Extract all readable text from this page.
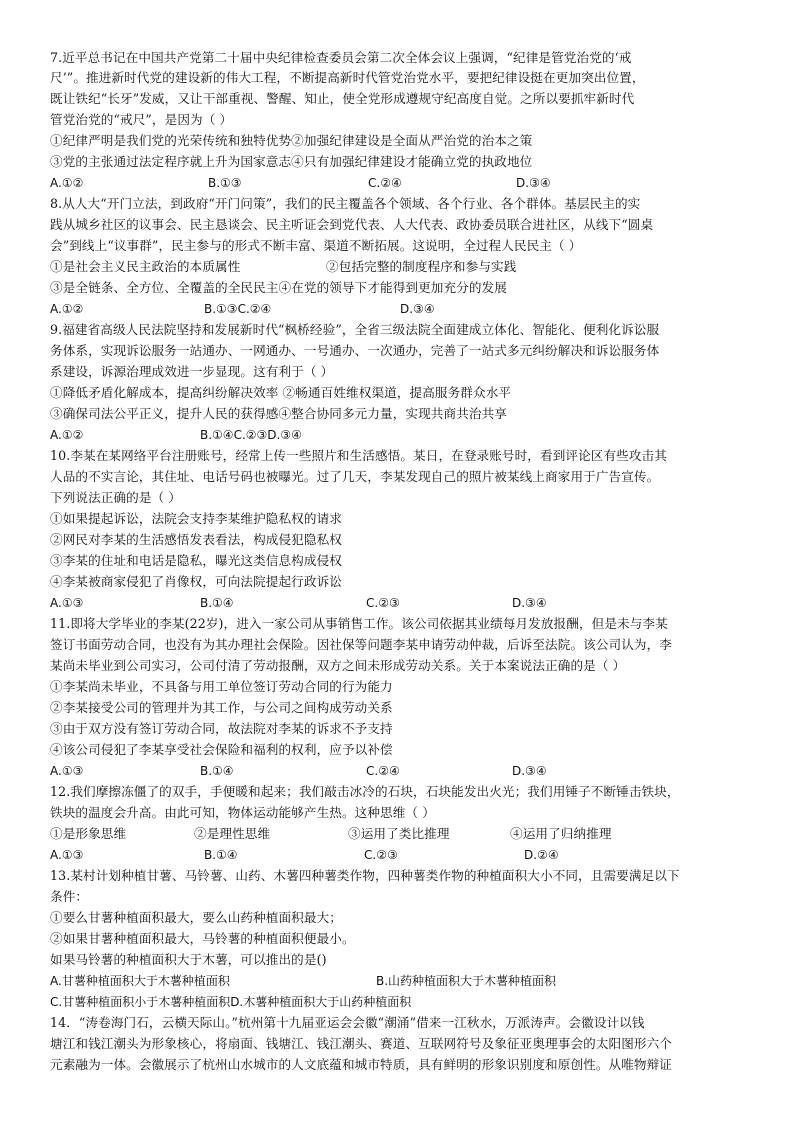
7.近平总书记在中国共产党第二十届中央纪律检查委员会第二次全体会议上强调，“纪律是管党治党的‘戒
尺’”。推进新时代党的建设新的伟大工程，不断提高新时代管党治党水平，要把纪律设挺在更加突出位置，
既让铁纪“长牙”发威，又让干部重视、警醒、知止，使全党形成遵规守纪高度自觉。之所以要抓牢新时代
管党治党的“戒尺”，是因为（ ）
①纪律严明是我们党的光荣传统和独特优势②加强纪律建设是全面从严治党的治本之策
③党的主张通过法定程序就上升为国家意志④只有加强纪律建设才能确立党的执政地位
A.①②	B.①③	C.②④	D.③④
8.从人大“开门立法，到政府“开门问策”，我们的民主覆盖各个领域、各个行业、各个群体。基层民主的实
践从城乡社区的议事会、民主恳谈会、民主听证会到党代表、人大代表、政协委员联合进社区，从线下“圆桌
会”到线上“议事群”，民主参与的形式不断丰富、渠道不断拓展。这说明，全过程人民民主（ ）
①是社会主义民主政治的本质属性	②包括完整的制度程序和参与实践
③是全链条、全方位、全覆盖的全民民主④在党的领导下才能得到更加充分的发展
A.①②	B.①③C.②④	D.③④
9.福建省高级人民法院坚持和发展新时代“枫桥经验”，全省三级法院全面建成立体化、智能化、便利化诉讼服
务体系，实现诉讼服务一站通办、一网通办、一号通办、一次通办，完善了一站式多元纠纷解决和诉讼服务体
系建设，诉源治理成效进一步显现。这有利于（ ）
①降低矛盾化解成本，提高纠纷解决效率 ②畅通百姓维权渠道，提高服务群众水平
③确保司法公平正义，提升人民的获得感④整合协同多元力量，实现共商共治共享
A.①②	B.①④C.②③D.③④
10.李某在某网络平台注册账号，经常上传一些照片和生活感悟。某日，在登录账号时，看到评论区有些攻击其
人品的不实言论，其住址、电话号码也被曝光。过了几天，李某发现自己的照片被某线上商家用于广告宣传。
下列说法正确的是（ ）
①如果提起诉讼，法院会支持李某维护隐私权的请求
②网民对李某的生活感悟发表看法，构成侵犯隐私权
③李某的住址和电话是隐私，曝光这类信息构成侵权
④李某被商家侵犯了肖像权，可向法院提起行政诉讼
A.①③	B.①④	C.②③	D.③④
11.即将大学毕业的李某(22岁)，进入一家公司从事销售工作。该公司依据其业绩每月发放报酬，但是未与李某
签订书面劳动合同，也没有为其办理社会保险。因社保等问题李某申请劳动仲裁，后诉至法院。该公司认为，李
某尚未毕业到公司实习，公司付清了劳动报酬，双方之间未形成劳动关系。关于本案说法正确的是（ ）
①李某尚未毕业，不具备与用工单位签订劳动合同的行为能力
②李某接受公司的管理并为其工作，与公司之间构成劳动关系
③由于双方没有签订劳动合同，故法院对李某的诉求不予支持
④该公司侵犯了李某享受社会保险和福利的权利，应予以补偿
A.①③	B.①④	C.②④	D.③④
12.我们摩擦冻僵了的双手，手便暖和起来；我们敲击冰冷的石块，石块能发出火光；我们用锤子不断锤击铁块，
铁块的温度会升高。由此可知，物体运动能够产生热。这种思维（ ）
①是形象思维	②是理性思维	③运用了类比推理	④运用了归纳推理
A.①③	B.①④	C.②③	D.②④
13.某村计划种植甘薯、马铃薯、山药、木薯四种薯类作物，四种薯类作物的种植面积大小不同，且需要满足以下
条件：
①要么甘薯种植面积最大，要么山药种植面积最大；
②如果甘薯种植面积最大，马铃薯的种植面积便最小。
如果马铃薯的种植面积大于木薯，可以推出的是()
A.甘薯种植面积大于木薯种植面积	B.山药种植面积大于木薯种植面积
C.甘薯种植面积小于木薯种植面积D.木薯种植面积大于山药种植面积
14．“涛卷海门石，云横天际山。”杭州第十九届亚运会会徽“潮涌”借来一江秋水，万派涛声。会徽设计以钱
塘江和钱江潮头为形象核心，将扇面、钱塘江、钱江潮头、赛道、互联网符号及象征亚奥理事会的太阳图形六个
元素融为一体。会徽展示了杭州山水城市的人文底蕴和城市特质，具有鲜明的形象识别度和原创性。从唯物辩证
